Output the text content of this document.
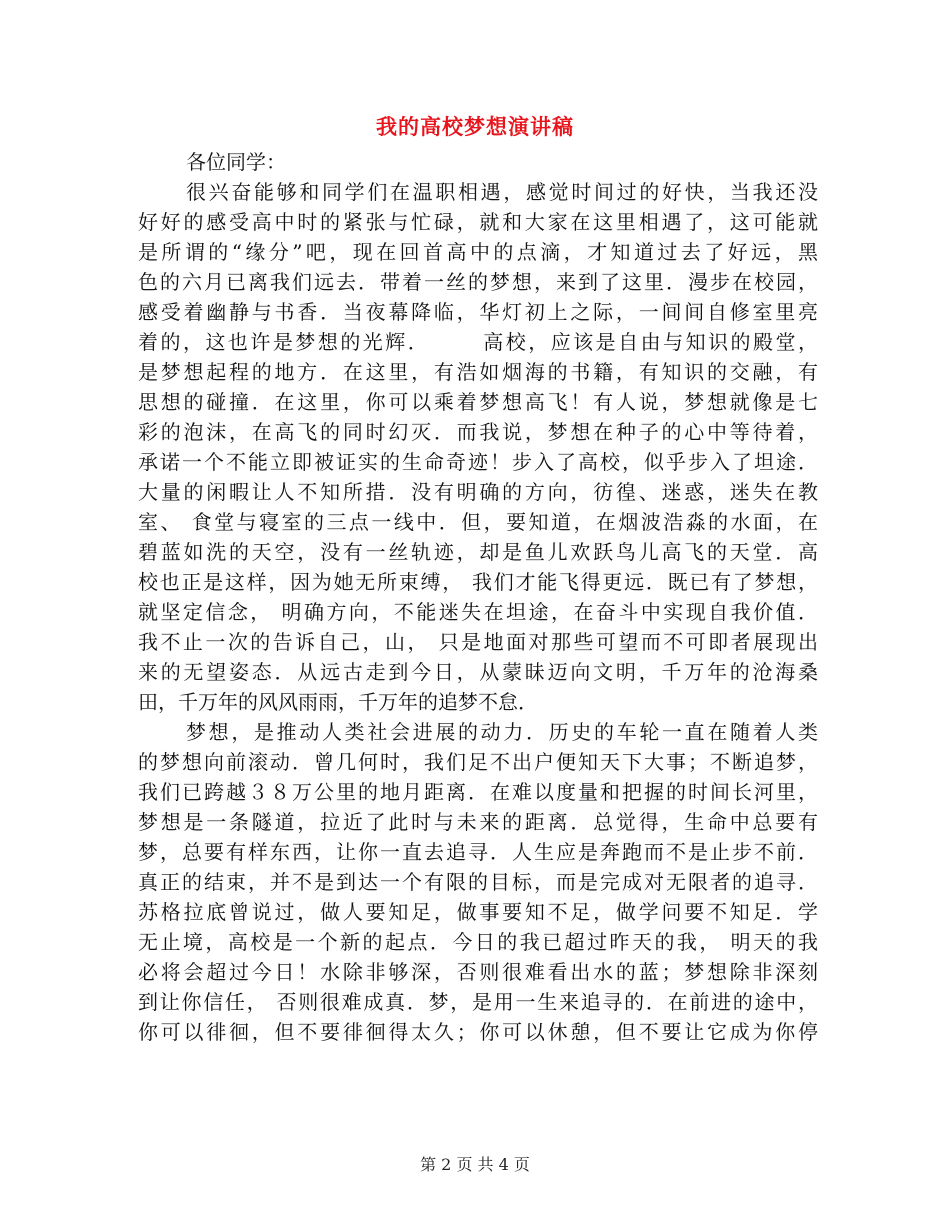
我的高校梦想演讲稿
各位同学：
很兴奋能够和同学们在温职相遇，感觉时间过的好快，当我还没
好好的感受高中时的紧张与忙碌，就和大家在这里相遇了，这可能就
是所谓的“缘分”吧，现在回首高中的点滴，才知道过去了好远，黑
色的六月已离我们远去．带着一丝的梦想，来到了这里．漫步在校园，
感受着幽静与书香．当夜幕降临，华灯初上之际，一间间自修室里亮
着的，这也许是梦想的光辉．      高校，应该是自由与知识的殿堂，
是梦想起程的地方．在这里，有浩如烟海的书籍，有知识的交融，有
思想的碰撞．在这里，你可以乘着梦想高飞！有人说，梦想就像是七
彩的泡沫，在高飞的同时幻灭．而我说，梦想在种子的心中等待着，
承诺一个不能立即被证实的生命奇迹！步入了高校，似乎步入了坦途．
大量的闲暇让人不知所措．没有明确的方向，彷徨、迷惑，迷失在教
室、 食堂与寝室的三点一线中．但，要知道，在烟波浩淼的水面，在
碧蓝如洗的天空，没有一丝轨迹，却是鱼儿欢跃鸟儿高飞的天堂．高
校也正是这样，因为她无所束缚， 我们才能飞得更远．既已有了梦想，
就坚定信念， 明确方向，不能迷失在坦途，在奋斗中实现自我价值．
我不止一次的告诉自己，山， 只是地面对那些可望而不可即者展现出
来的无望姿态．从远古走到今日，从蒙昧迈向文明，千万年的沧海桑
田，千万年的风风雨雨，千万年的追梦不怠．
梦想，是推动人类社会进展的动力．历史的车轮一直在随着人类
的梦想向前滚动．曾几何时，我们足不出户便知天下大事；不断追梦，
我们已跨越３８万公里的地月距离．在难以度量和把握的时间长河里，
梦想是一条隧道，拉近了此时与未来的距离．总觉得，生命中总要有
梦，总要有样东西，让你一直去追寻．人生应是奔跑而不是止步不前．
真正的结束，并不是到达一个有限的目标，而是完成对无限者的追寻．
苏格拉底曾说过，做人要知足，做事要知不足，做学问要不知足．学
无止境，高校是一个新的起点．今日的我已超过昨天的我， 明天的我
必将会超过今日！水除非够深，否则很难看出水的蓝；梦想除非深刻
到让你信任， 否则很难成真．梦，是用一生来追寻的．在前进的途中，
你可以徘徊，但不要徘徊得太久；你可以休憩，但不要让它成为你停
第 2 页 共 4 页
